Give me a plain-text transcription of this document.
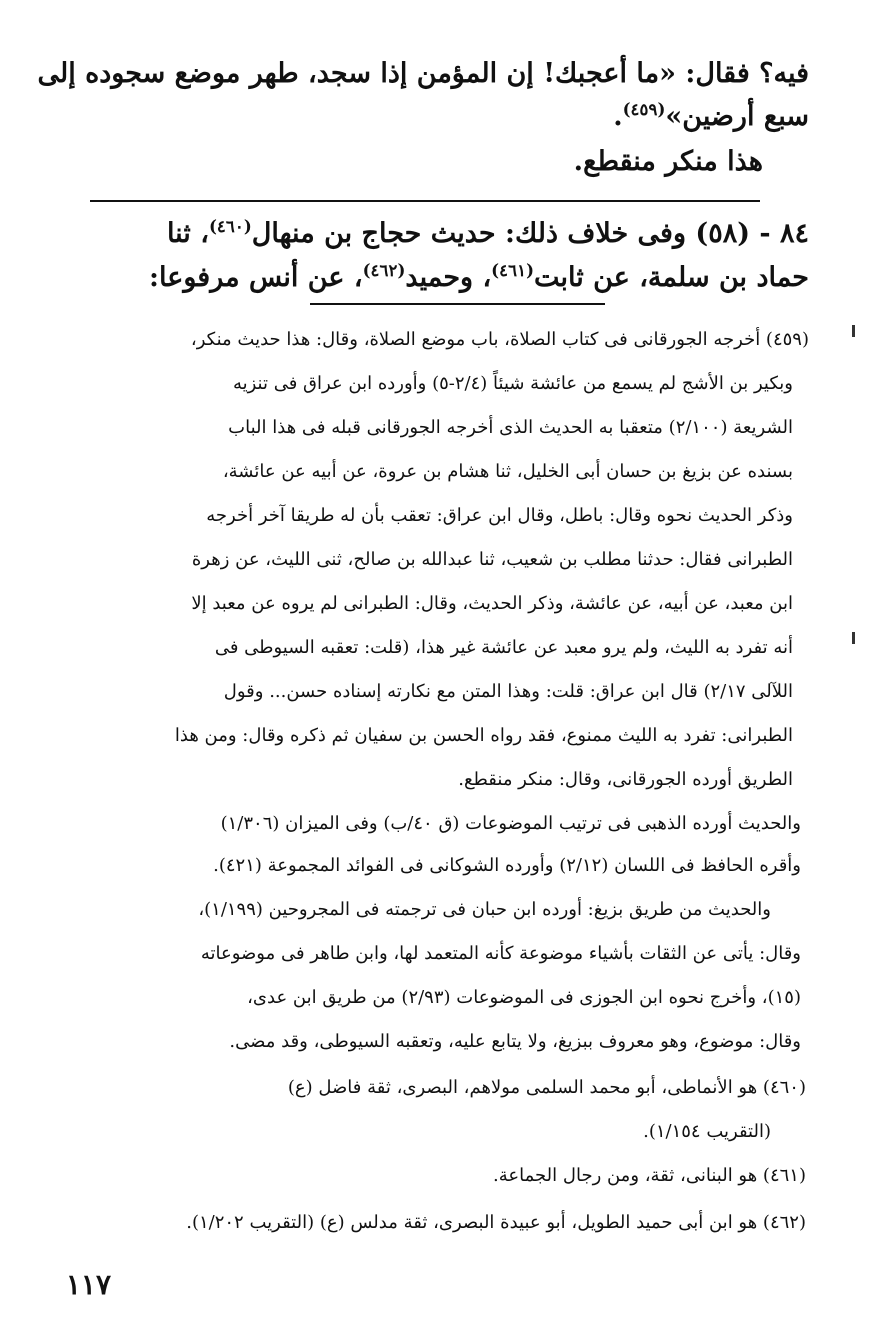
فيه؟ فقال: «ما أعجبك! إن المؤمن إذا سجد، طهر موضع سجوده إلى
سبع أرضين»$^{(٤٥٩)}$.
هذا منكر منقطع.
٨٤ - (٥٨) وفى خلاف ذلك: حديث حجاج بن منهال$^{(٤٦٠)}$، ثنا
حماد بن سلمة، عن ثابت$^{(٤٦١)}$، وحميد$^{(٤٦٢)}$، عن أنس مرفوعا:
(٤٥٩) أخرجه الجورقانى فى كتاب الصلاة، باب موضع الصلاة، وقال: هذا حديث منكر،
وبكير بن الأشج لم يسمع من عائشة شيئاً (٢/٤-٥) وأورده ابن عراق فى تنزيه
الشريعة (٢/١٠٠) متعقبا به الحديث الذى أخرجه الجورقانى قبله فى هذا الباب
بسنده عن بزيغ بن حسان أبى الخليل، ثنا هشام بن عروة، عن أبيه عن عائشة،
وذكر الحديث نحوه وقال: باطل، وقال ابن عراق: تعقب بأن له طريقا آخر أخرجه
الطبرانى فقال: حدثنا مطلب بن شعيب، ثنا عبدالله بن صالح، ثنى الليث، عن زهرة
ابن معبد، عن أبيه، عن عائشة، وذكر الحديث، وقال: الطبرانى لم يروه عن معبد إلا
أنه تفرد به الليث، ولم يرو معبد عن عائشة غير هذا، (قلت: تعقبه السيوطى فى
اللآلى ٢/١٧) قال ابن عراق: قلت: وهذا المتن مع نكارته إسناده حسن... وقول
الطبرانى: تفرد به الليث ممنوع، فقد رواه الحسن بن سفيان ثم ذكره وقال: ومن هذا
الطريق أورده الجورقانى، وقال: منكر منقطع.
والحديث أورده الذهبى فى ترتيب الموضوعات (ق ٤٠/ب) وفى الميزان (١/٣٠٦)
وأقره الحافظ فى اللسان (٢/١٢) وأورده الشوكانى فى الفوائد المجموعة (٤٢١).
والحديث من طريق بزيغ: أورده ابن حبان فى ترجمته فى المجروحين (١/١٩٩)،
وقال: يأتى عن الثقات بأشياء موضوعة كأنه المتعمد لها، وابن طاهر فى موضوعاته
(١٥)، وأخرج نحوه ابن الجوزى فى الموضوعات (٢/٩٣) من طريق ابن عدى،
وقال: موضوع، وهو معروف ببزيغ، ولا يتابع عليه، وتعقبه السيوطى، وقد مضى.
(٤٦٠) هو الأنماطى، أبو محمد السلمى مولاهم، البصرى، ثقة فاضل (ع)
(التقريب ١/١٥٤).
(٤٦١) هو البنانى، ثقة، ومن رجال الجماعة.
(٤٦٢) هو ابن أبى حميد الطويل، أبو عبيدة البصرى، ثقة مدلس (ع) (التقريب ١/٢٠٢).
١١٧
